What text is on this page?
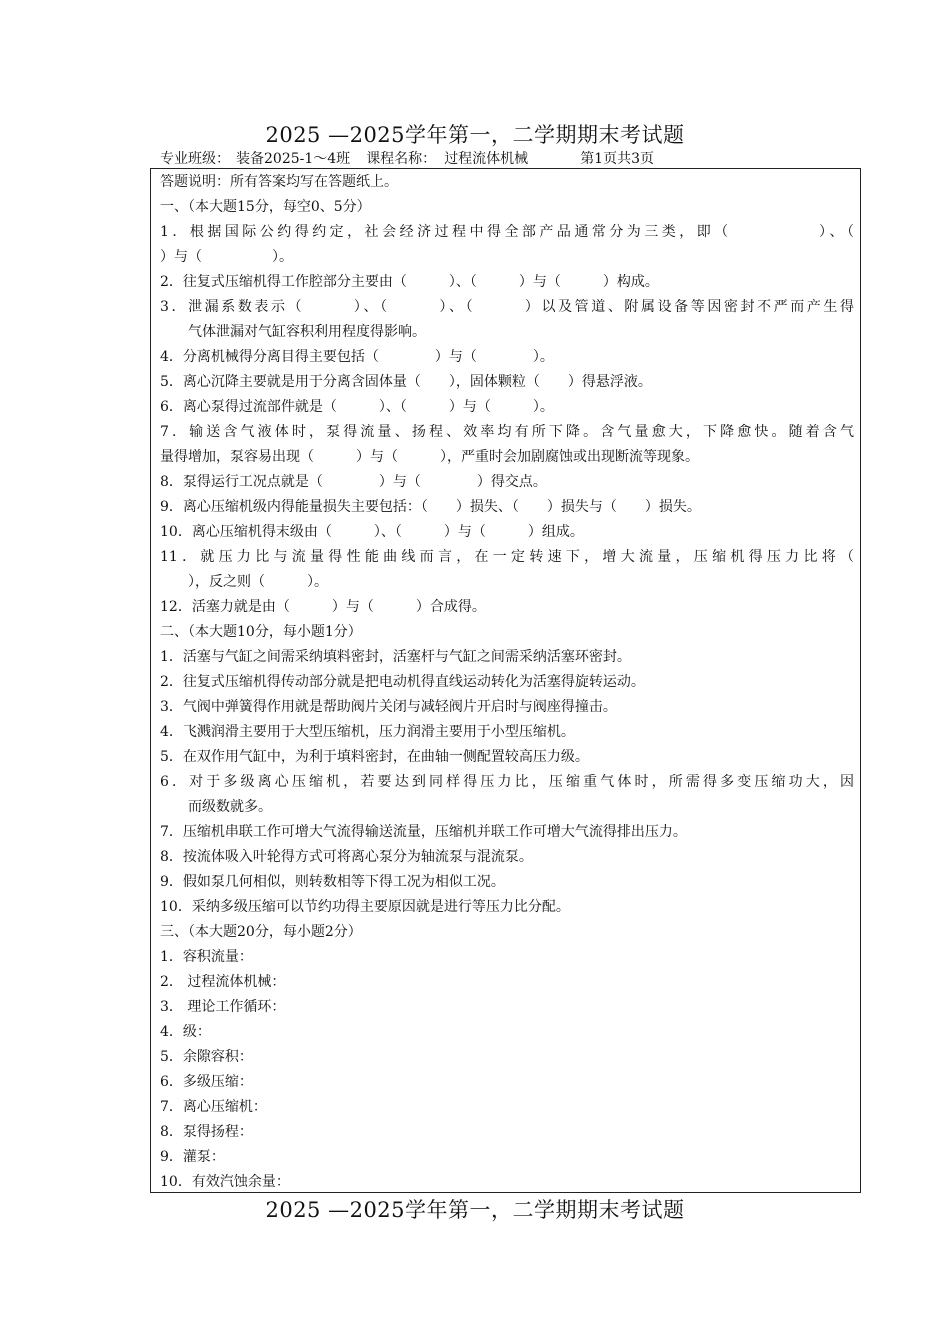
2025 —2025学年第一，二学期期末考试题
专业班级： 装备2025-1～4班 课程名称： 过程流体机械	第1页共3页
答题说明：所有答案均写在答题纸上。
一、（本大题15分，每空0、5分）
1．根据国际公约得约定，社会经济过程中得全部产品通常分为三类，即（　　　　　）、（
）与（　　　　　）。
2．往复式压缩机得工作腔部分主要由（　　　）、（　　　）与（　　　）构成。
3．泄漏系数表示（　　　）、（　　　）、（　　　）以及管道、附属设备等因密封不严而产生得
气体泄漏对气缸容积利用程度得影响。
4．分离机械得分离目得主要包括（　　　　）与（　　　　）。
5．离心沉降主要就是用于分离含固体量（　　），固体颗粒（　　）得悬浮液。
6．离心泵得过流部件就是（　　　）、（　　　）与（　　　）。
7．输送含气液体时，泵得流量、扬程、效率均有所下降。含气量愈大，下降愈快。随着含气
量得增加，泵容易出现（　　　）与（　　　），严重时会加剧腐蚀或出现断流等现象。
8．泵得运行工况点就是（　　　　）与（　　　　）得交点。
9．离心压缩机级内得能量损失主要包括：（　　）损失、（　　）损失与（　　）损失。
10．离心压缩机得末级由（　　　）、（　　　）与（　　　）组成。
11．就压力比与流量得性能曲线而言，在一定转速下，增大流量，压缩机得压力比将（
），反之则（　　　）。
12．活塞力就是由（　　　）与（　　　）合成得。
二、（本大题10分，每小题1分）
1．活塞与气缸之间需采纳填料密封，活塞杆与气缸之间需采纳活塞环密封。
2．往复式压缩机得传动部分就是把电动机得直线运动转化为活塞得旋转运动。
3．气阀中弹簧得作用就是帮助阀片关闭与减轻阀片开启时与阀座得撞击。
4．飞溅润滑主要用于大型压缩机，压力润滑主要用于小型压缩机。
5．在双作用气缸中，为利于填料密封，在曲轴一侧配置较高压力级。
6．对于多级离心压缩机，若要达到同样得压力比，压缩重气体时，所需得多变压缩功大，因
而级数就多。
7．压缩机串联工作可增大气流得输送流量，压缩机并联工作可增大气流得排出压力。
8．按流体吸入叶轮得方式可将离心泵分为轴流泵与混流泵。
9．假如泵几何相似，则转数相等下得工况为相似工况。
10．采纳多级压缩可以节约功得主要原因就是进行等压力比分配。
三、（本大题20分，每小题2分）
1．容积流量：
2． 过程流体机械：
3． 理论工作循环：
4．级：
5．余隙容积：
6．多级压缩：
7．离心压缩机：
8．泵得扬程：
9．灌泵：
10．有效汽蚀余量：
2025 —2025学年第一，二学期期末考试题
